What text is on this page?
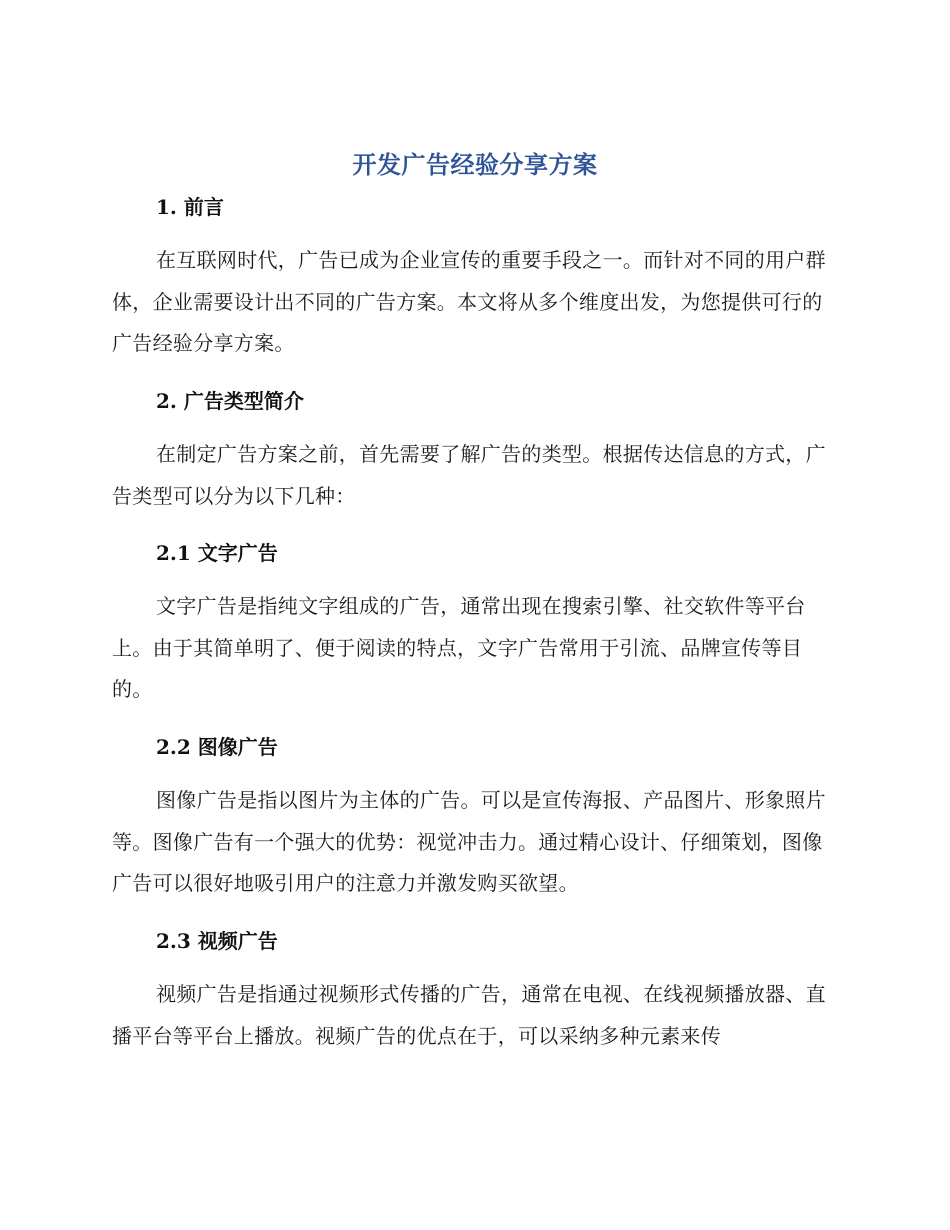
开发广告经验分享方案
1. 前言

在互联网时代，广告已成为企业宣传的重要手段之一。而针对不同的用户群体，企业需要设计出不同的广告方案。本文将从多个维度出发，为您提供可行的广告经验分享方案。

2. 广告类型简介

在制定广告方案之前，首先需要了解广告的类型。根据传达信息的方式，广告类型可以分为以下几种：

2.1 文字广告

文字广告是指纯文字组成的广告，通常出现在搜索引擎、社交软件等平台上。由于其简单明了、便于阅读的特点，文字广告常用于引流、品牌宣传等目的。

2.2 图像广告

图像广告是指以图片为主体的广告。可以是宣传海报、产品图片、形象照片等。图像广告有一个强大的优势：视觉冲击力。通过精心设计、仔细策划，图像广告可以很好地吸引用户的注意力并激发购买欲望。

2.3 视频广告

视频广告是指通过视频形式传播的广告，通常在电视、在线视频播放器、直播平台等平台上播放。视频广告的优点在于，可以采纳多种元素来传
